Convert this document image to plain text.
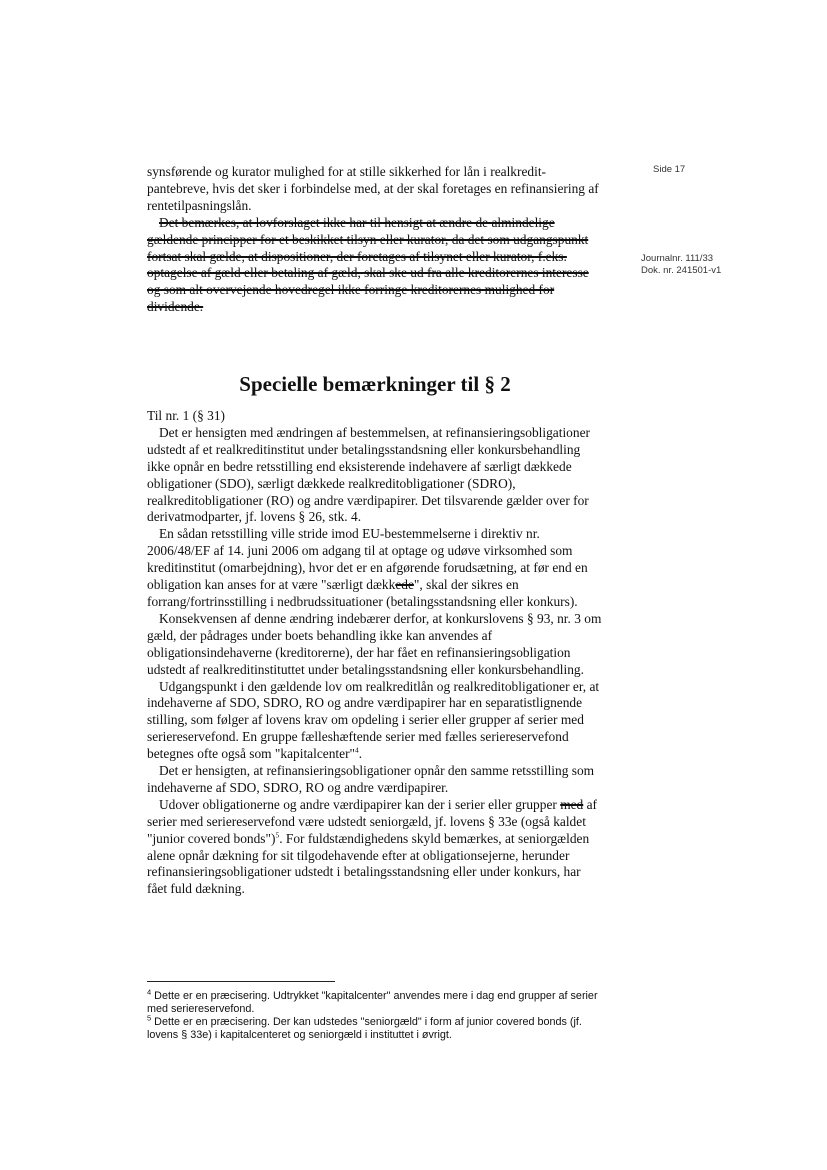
Side 17
Journalnr. 111/33
Dok. nr. 241501-v1

synsførende og kurator mulighed for at stille sikkerhed for lån i realkredit-pantebreve, hvis det sker i forbindelse med, at der skal foretages en refinansiering af rentetilpasningslån.

Det bemærkes, at lovforslaget ikke har til hensigt at ændre de almindelige gældende principper for et beskikket tilsyn eller kurator, da det som udgangspunkt fortsat skal gælde, at dispositioner, der foretages af tilsynet eller kurator, f.eks. optagelse af gæld eller betaling af gæld, skal ske ud fra alle kreditorernes interesse og som alt overvejende hovedregel ikke forringe kreditorernes mulighed for dividende.

Specielle bemærkninger til § 2

Til nr. 1 (§ 31)

Det er hensigten med ændringen af bestemmelsen, at refinansieringsobligationer udstedt af et realkreditinstitut under betalingsstandsning eller konkursbehandling ikke opnår en bedre retsstilling end eksisterende indehavere af særligt dækkede obligationer (SDO), særligt dækkede realkreditobligationer (SDRO), realkreditobligationer (RO) og andre værdipapirer. Det tilsvarende gælder over for derivatmodparter, jf. lovens § 26, stk. 4.

En sådan retsstilling ville stride imod EU-bestemmelserne i direktiv nr. 2006/48/EF af 14. juni 2006 om adgang til at optage og udøve virksomhed som kreditinstitut (omarbejdning), hvor det er en afgørende forudsætning, at før end en obligation kan anses for at være "særligt dækkede", skal der sikres en forrang/fortrinsstilling i nedbrudssituationer (betalingsstandsning eller konkurs).

Konsekvensen af denne ændring indebærer derfor, at konkurslovens § 93, nr. 3 om gæld, der pådrages under boets behandling ikke kan anvendes af obligationsindehaverne (kreditorerne), der har fået en refinansieringsobligation udstedt af realkreditinstituttet under betalingsstandsning eller konkursbehandling.

Udgangspunkt i den gældende lov om realkreditlån og realkreditobligationer er, at indehaverne af SDO, SDRO, RO og andre værdipapirer har en separatistlignende stilling, som følger af lovens krav om opdeling i serier eller grupper af serier med seriereservefond. En gruppe fælleshæftende serier med fælles seriereservefond betegnes ofte også som "kapitalcenter"$^4$.

Det er hensigten, at refinansieringsobligationer opnår den samme retsstilling som indehaverne af SDO, SDRO, RO og andre værdipapirer.

Udover obligationerne og andre værdipapirer kan der i serier eller grupper med af serier med seriereservefond være udstedt seniorgæld, jf. lovens § 33e (også kaldet "junior covered bonds")$^5$. For fuldstændighedens skyld bemærkes, at seniorgælden alene opnår dækning for sit tilgodehavende efter at obligationsejerne, herunder refinansieringsobligationer udstedt i betalingsstandsning eller under konkurs, har fået fuld dækning.

$^4$ Dette er en præcisering. Udtrykket "kapitalcenter" anvendes mere i dag end grupper af serier med seriereservefond.

$^5$ Dette er en præcisering. Der kan udstedes "seniorgæld" i form af junior covered bonds (jf. lovens § 33e) i kapitalcenteret og seniorgæld i instituttet i øvrigt.
